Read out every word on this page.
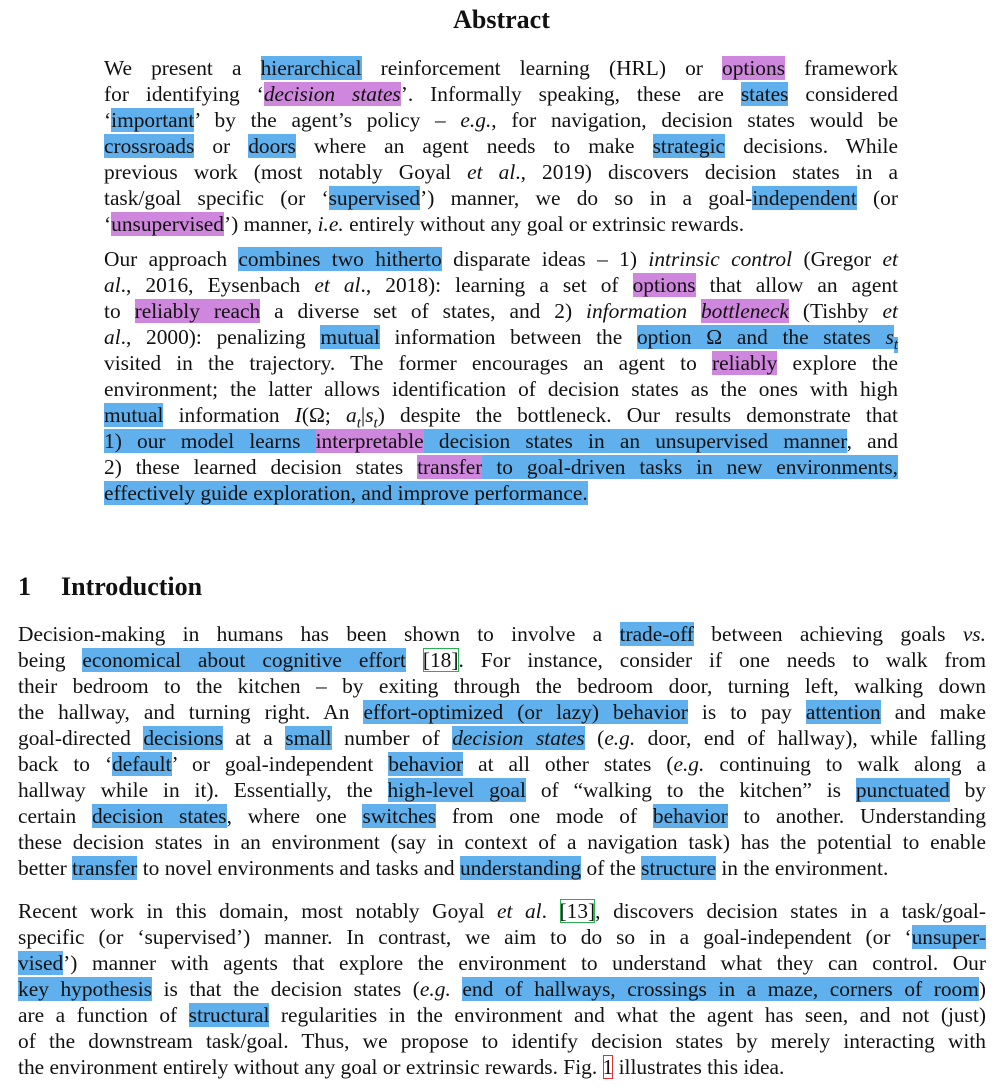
Abstract
We present a hierarchical reinforcement learning (HRL) or options framework
for identifying ‘decision states’. Informally speaking, these are states considered
‘important’ by the agent’s policy – e.g., for navigation, decision states would be
crossroads or doors where an agent needs to make strategic decisions. While
previous work (most notably Goyal et al., 2019) discovers decision states in a
task/goal specific (or ‘supervised’) manner, we do so in a goal-independent (or
‘unsupervised’) manner, i.e. entirely without any goal or extrinsic rewards.
Our approach combines two hitherto disparate ideas – 1) intrinsic control (Gregor et
al., 2016, Eysenbach et al., 2018): learning a set of options that allow an agent
to reliably reach a diverse set of states, and 2) information bottleneck (Tishby et
al., 2000): penalizing mutual information between the option Ω and the states $s_t$
visited in the trajectory. The former encourages an agent to reliably explore the
environment; the latter allows identification of decision states as the ones with high
mutual information I(Ω; $a_t|s_t$) despite the bottleneck. Our results demonstrate that
1) our model learns interpretable decision states in an unsupervised manner, and
2) these learned decision states transfer to goal-driven tasks in new environments,
effectively guide exploration, and improve performance.
1 Introduction
Decision-making in humans has been shown to involve a trade-off between achieving goals vs.
being economical about cognitive effort [18]. For instance, consider if one needs to walk from
their bedroom to the kitchen – by exiting through the bedroom door, turning left, walking down
the hallway, and turning right. An effort-optimized (or lazy) behavior is to pay attention and make
goal-directed decisions at a small number of decision states (e.g. door, end of hallway), while falling
back to ‘default’ or goal-independent behavior at all other states (e.g. continuing to walk along a
hallway while in it). Essentially, the high-level goal of “walking to the kitchen” is punctuated by
certain decision states, where one switches from one mode of behavior to another. Understanding
these decision states in an environment (say in context of a navigation task) has the potential to enable
better transfer to novel environments and tasks and understanding of the structure in the environment.
Recent work in this domain, most notably Goyal et al. [13], discovers decision states in a task/goal-
specific (or ‘supervised’) manner. In contrast, we aim to do so in a goal-independent (or ‘unsuper-
vised’) manner with agents that explore the environment to understand what they can control. Our
key hypothesis is that the decision states (e.g. end of hallways, crossings in a maze, corners of room)
are a function of structural regularities in the environment and what the agent has seen, and not (just)
of the downstream task/goal. Thus, we propose to identify decision states by merely interacting with
the environment entirely without any goal or extrinsic rewards. Fig. 1 illustrates this idea.
